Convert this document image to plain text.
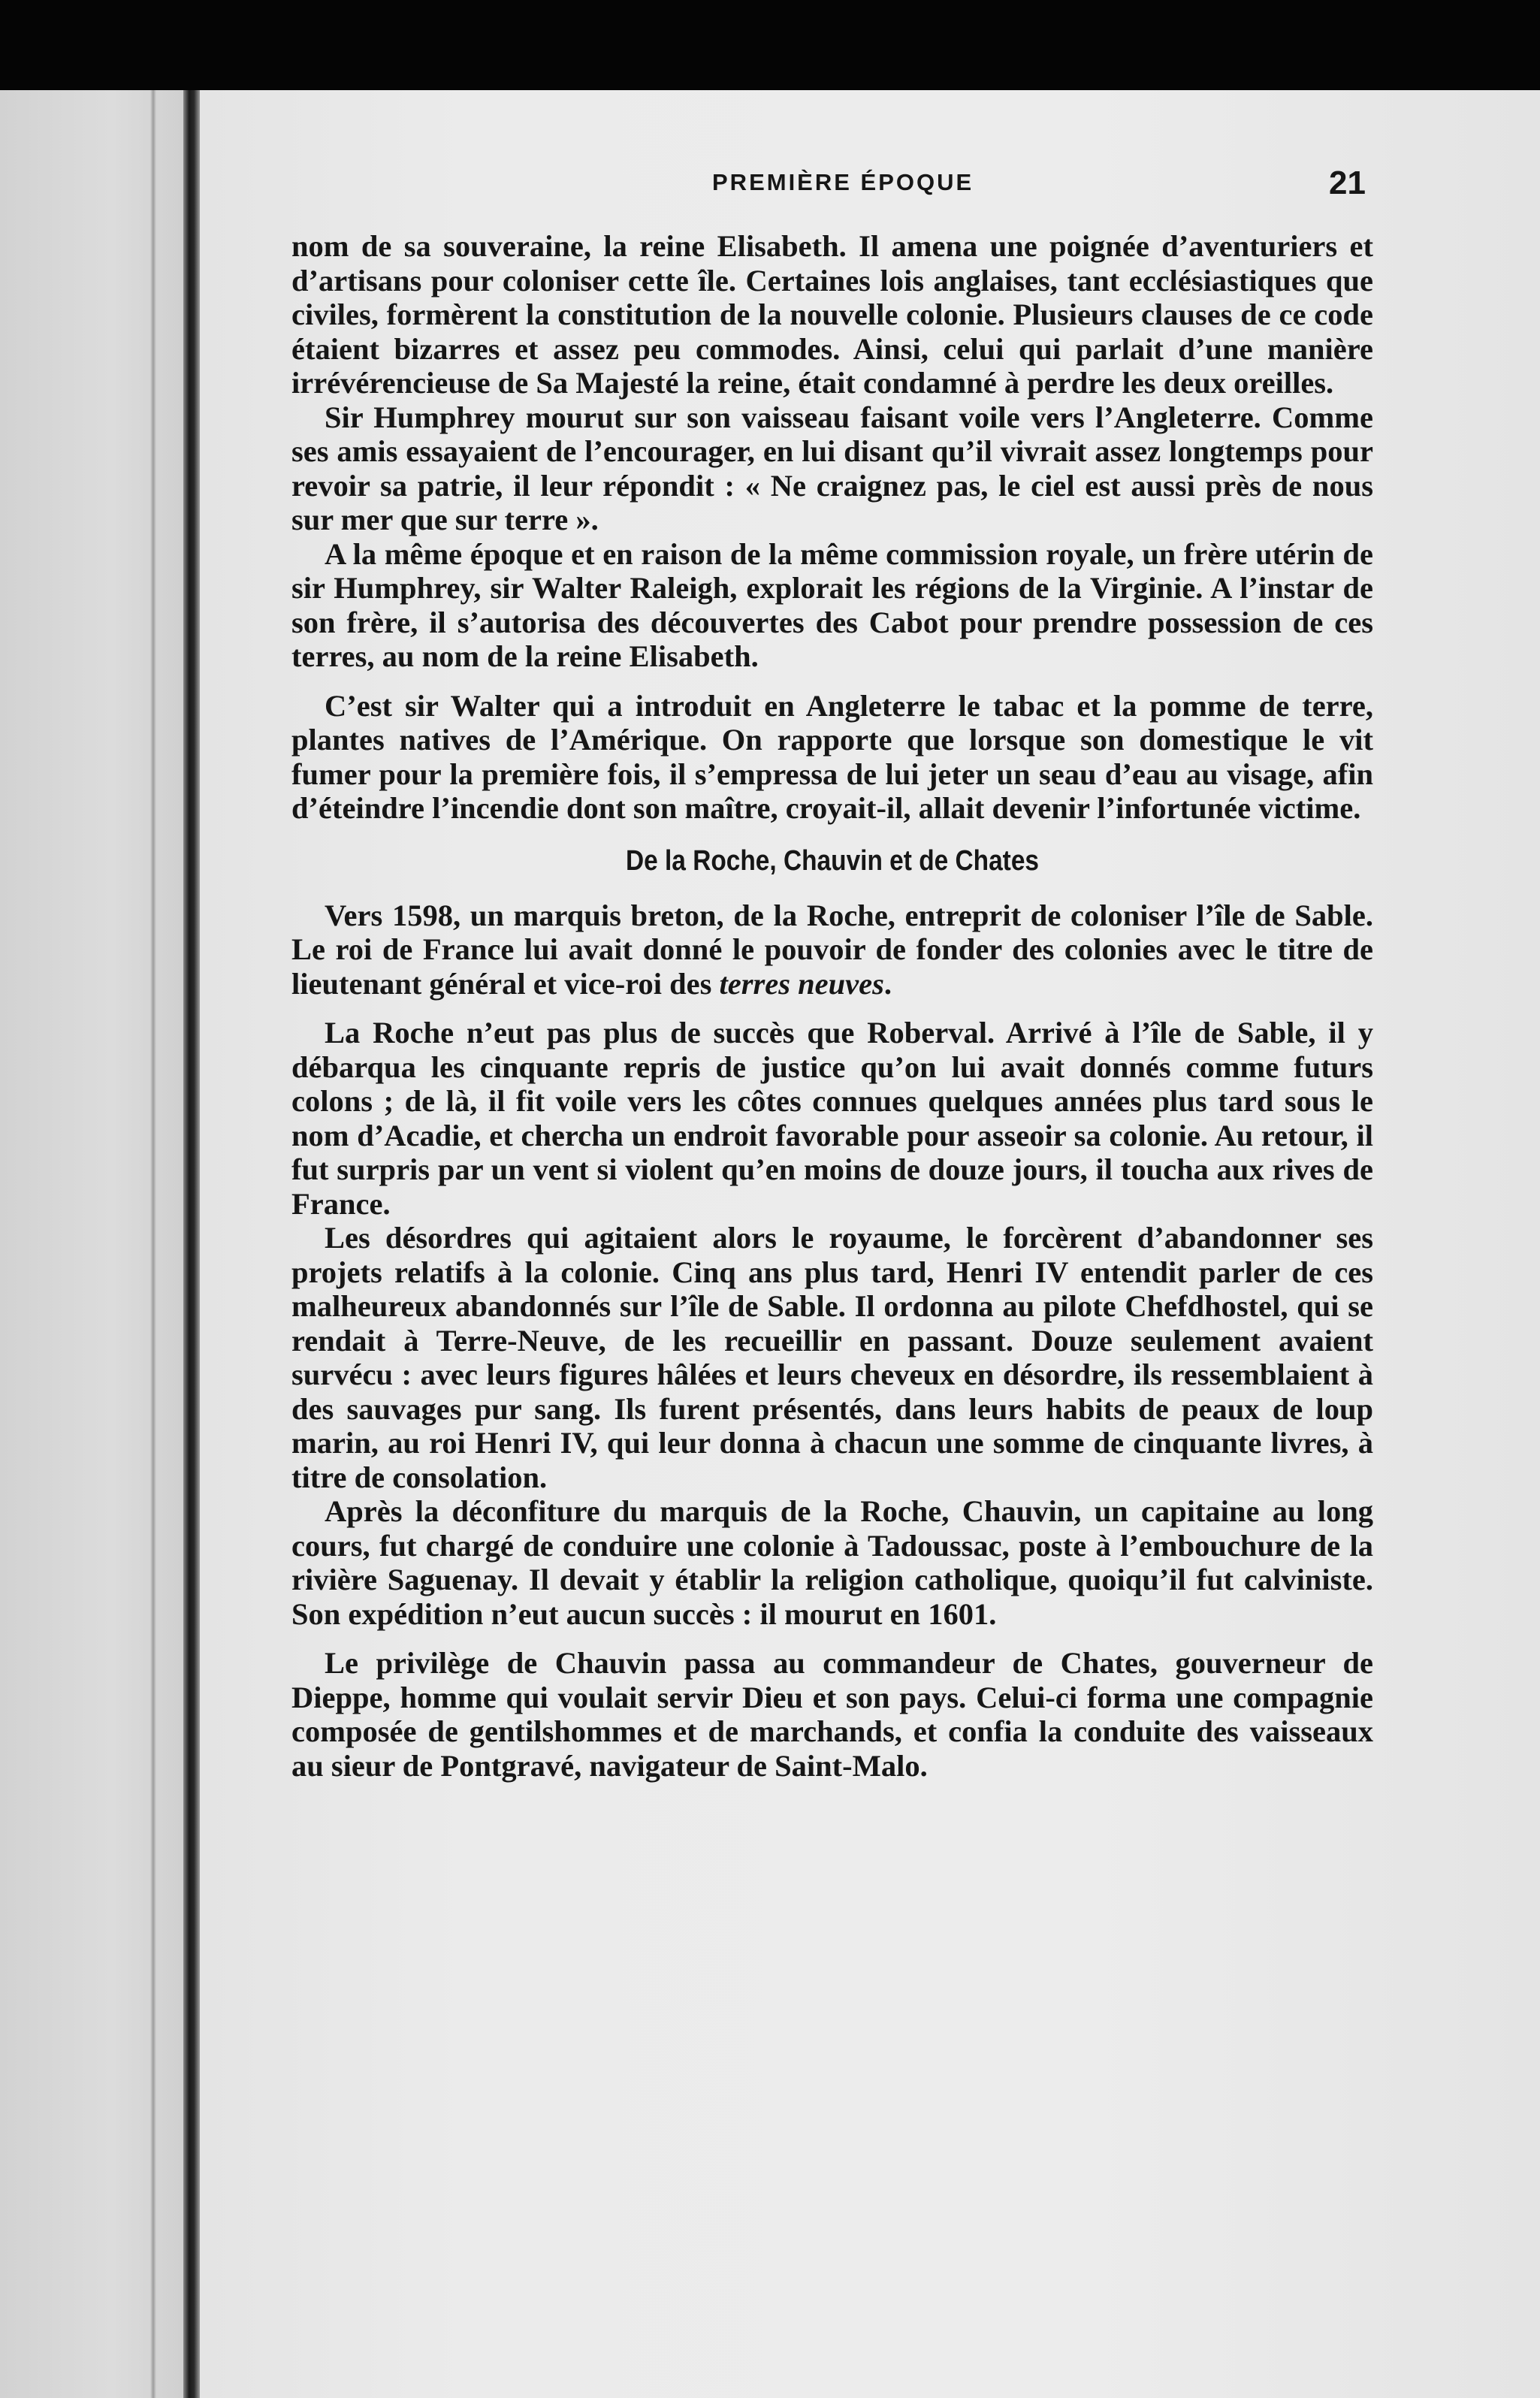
PREMIÈRE ÉPOQUE	21

nom de sa souveraine, la reine Elisabeth. Il amena une poignée d’aventuriers et d’artisans pour coloniser cette île. Certaines lois anglaises, tant ecclésiastiques que civiles, formèrent la constitution de la nouvelle colonie. Plusieurs clauses de ce code étaient bizarres et assez peu commodes. Ainsi, celui qui parlait d’une manière irrévérencieuse de Sa Majesté la reine, était condamné à perdre les deux oreilles.

Sir Humphrey mourut sur son vaisseau faisant voile vers l’Angleterre. Comme ses amis essayaient de l’encourager, en lui disant qu’il vivrait assez longtemps pour revoir sa patrie, il leur répondit : « Ne craignez pas, le ciel est aussi près de nous sur mer que sur terre ».

A la même époque et en raison de la même commission royale, un frère utérin de sir Humphrey, sir Walter Raleigh, explorait les régions de la Virginie. A l’instar de son frère, il s’autorisa des découvertes des Cabot pour prendre possession de ces terres, au nom de la reine Elisabeth.

C’est sir Walter qui a introduit en Angleterre le tabac et la pomme de terre, plantes natives de l’Amérique. On rapporte que lorsque son domestique le vit fumer pour la première fois, il s’empressa de lui jeter un seau d’eau au visage, afin d’éteindre l’incendie dont son maître, croyait-il, allait devenir l’infortunée victime.

De la Roche, Chauvin et de Chates

Vers 1598, un marquis breton, de la Roche, entreprit de coloniser l’île de Sable. Le roi de France lui avait donné le pouvoir de fonder des colonies avec le titre de lieutenant général et vice-roi des terres neuves.

La Roche n’eut pas plus de succès que Roberval. Arrivé à l’île de Sable, il y débarqua les cinquante repris de justice qu’on lui avait donnés comme futurs colons ; de là, il fit voile vers les côtes connues quelques années plus tard sous le nom d’Acadie, et chercha un endroit favorable pour asseoir sa colonie. Au retour, il fut surpris par un vent si violent qu’en moins de douze jours, il toucha aux rives de France.

Les désordres qui agitaient alors le royaume, le forcèrent d’abandonner ses projets relatifs à la colonie. Cinq ans plus tard, Henri IV entendit parler de ces malheureux abandonnés sur l’île de Sable. Il ordonna au pilote Chefdhostel, qui se rendait à Terre-Neuve, de les recueillir en passant. Douze seulement avaient survécu : avec leurs figures hâlées et leurs cheveux en désordre, ils ressemblaient à des sauvages pur sang. Ils furent présentés, dans leurs habits de peaux de loup marin, au roi Henri IV, qui leur donna à chacun une somme de cinquante livres, à titre de consolation.

Après la déconfiture du marquis de la Roche, Chauvin, un capitaine au long cours, fut chargé de conduire une colonie à Tadoussac, poste à l’embouchure de la rivière Saguenay. Il devait y établir la religion catholique, quoiqu’il fut calviniste. Son expédition n’eut aucun succès : il mourut en 1601.

Le privilège de Chauvin passa au commandeur de Chates, gouverneur de Dieppe, homme qui voulait servir Dieu et son pays. Celui-ci forma une compagnie composée de gentilshommes et de marchands, et confia la conduite des vaisseaux au sieur de Pontgravé, navigateur de Saint-Malo.
